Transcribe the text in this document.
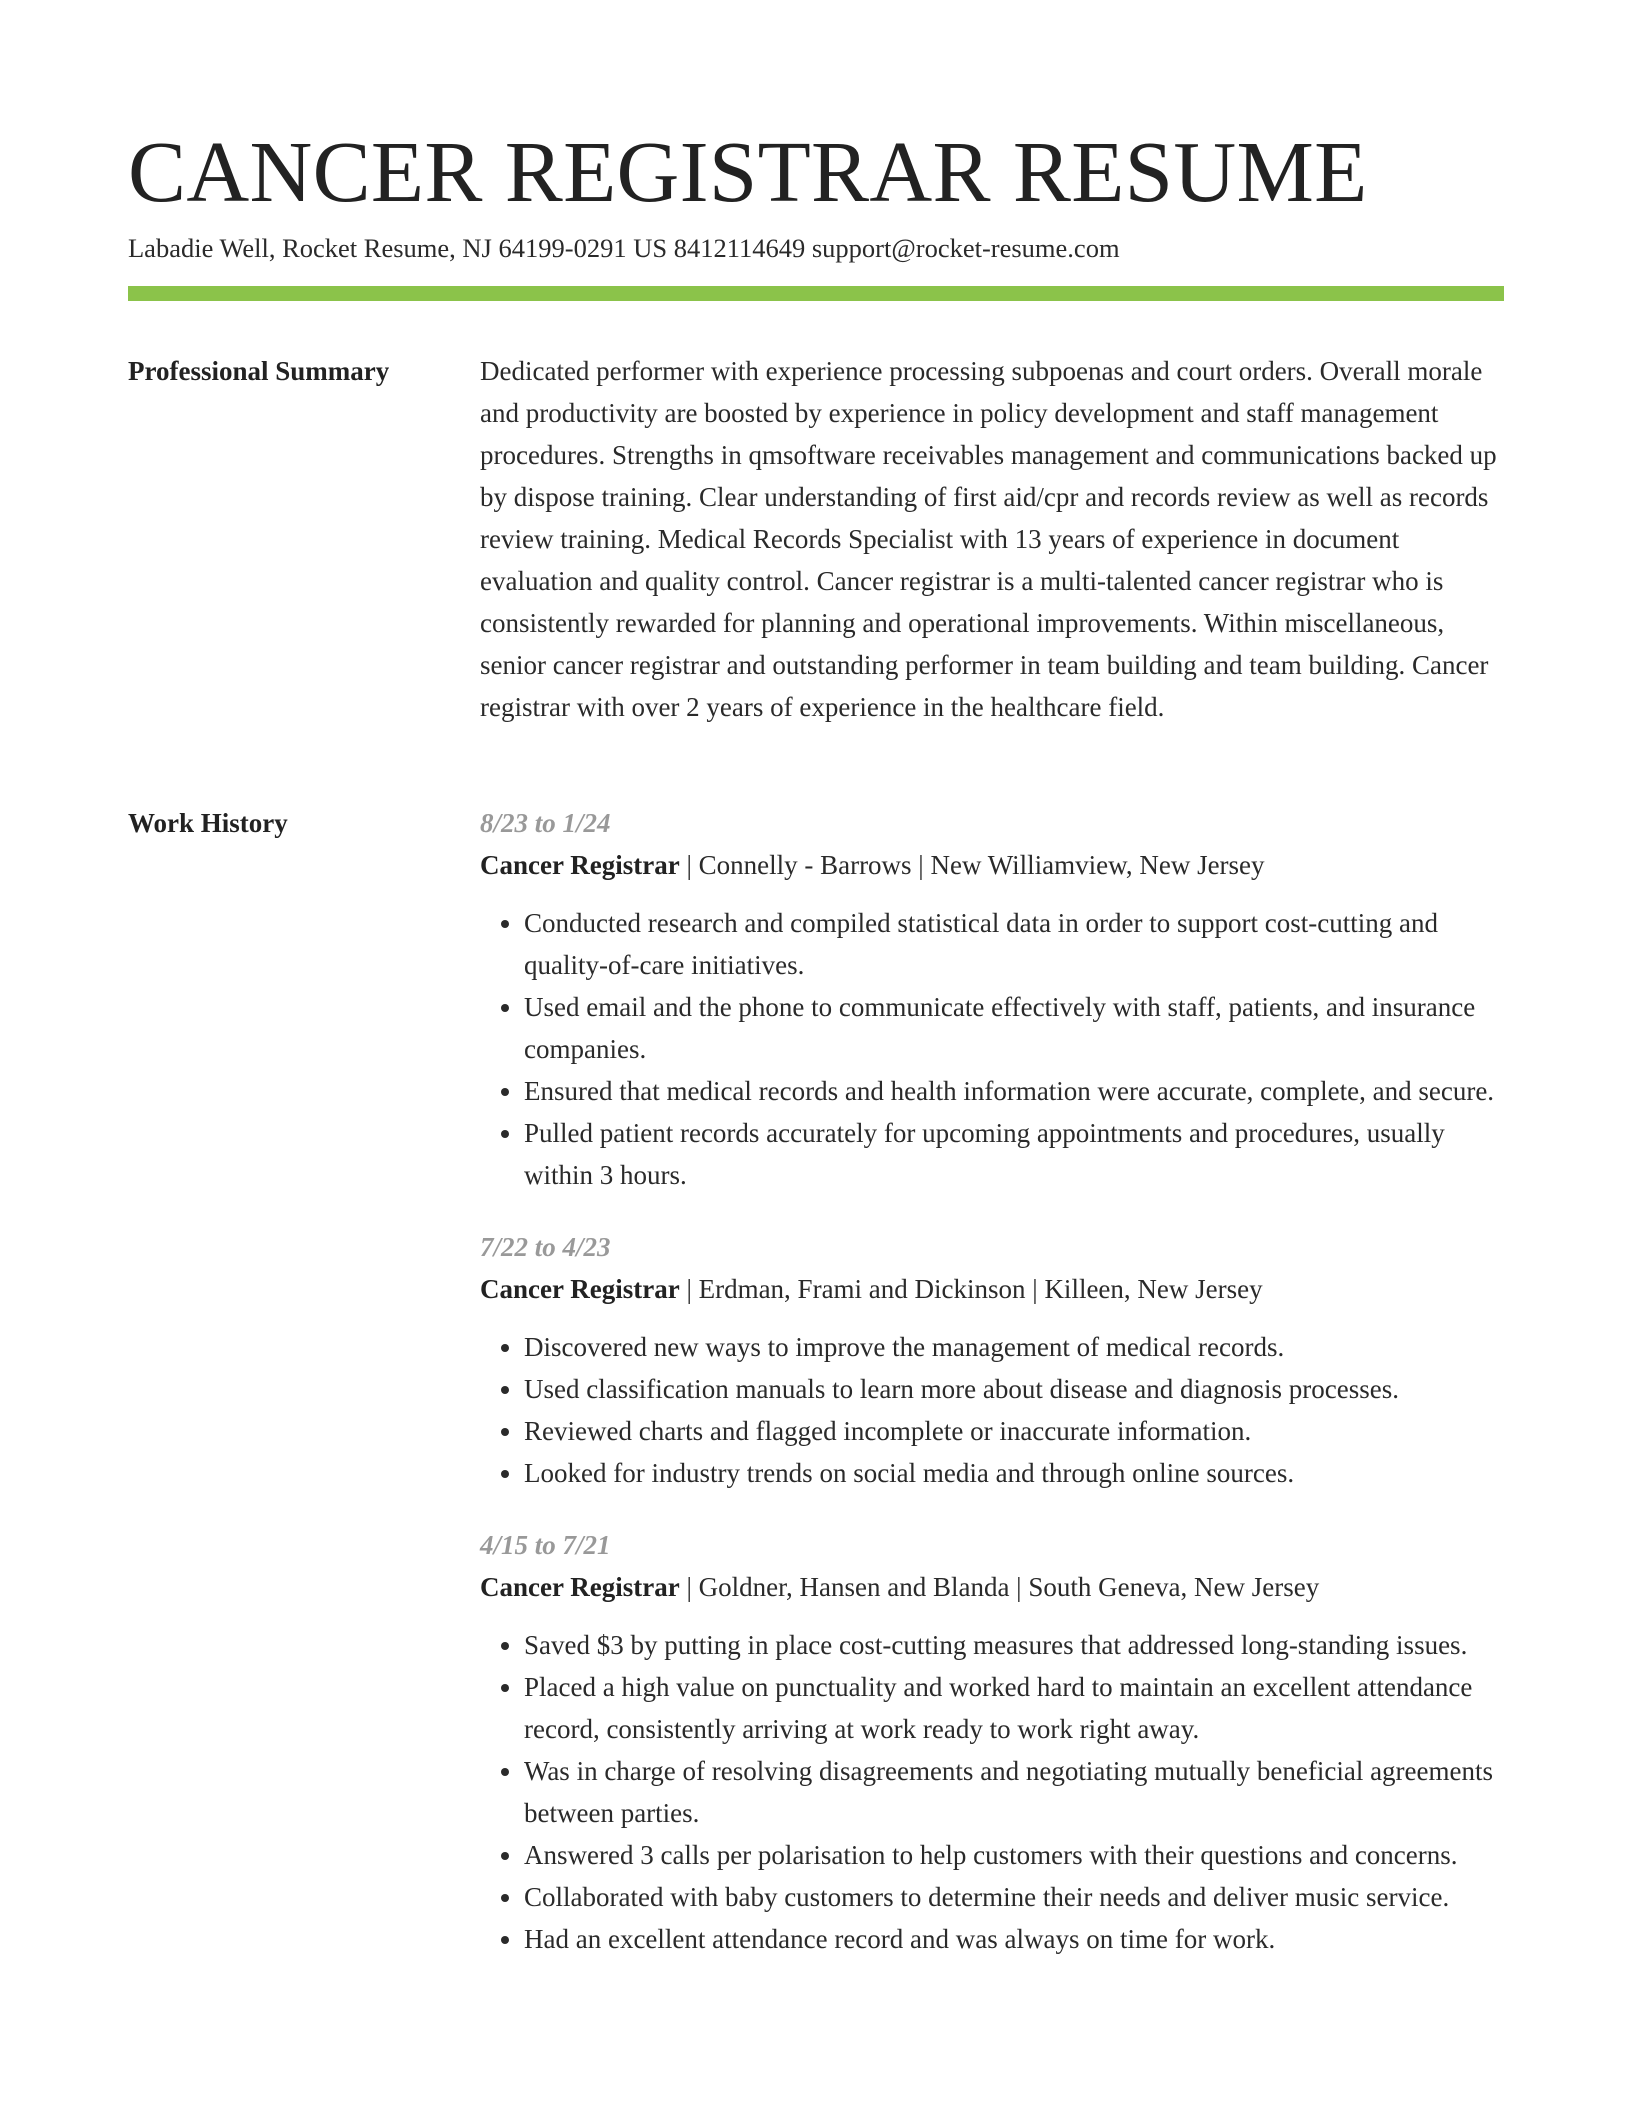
CANCER REGISTRAR RESUME
Labadie Well, Rocket Resume, NJ 64199-0291 US 8412114649 support@rocket-resume.com
Professional Summary	Dedicated performer with experience processing subpoenas and court orders. Overall morale and productivity are boosted by experience in policy development and staff management procedures. Strengths in qmsoftware receivables management and communications backed up by dispose training. Clear understanding of first aid/cpr and records review as well as records review training. Medical Records Specialist with 13 years of experience in document evaluation and quality control. Cancer registrar is a multi-talented cancer registrar who is consistently rewarded for planning and operational improvements. Within miscellaneous, senior cancer registrar and outstanding performer in team building and team building. Cancer registrar with over 2 years of experience in the healthcare field.

Work History	8/23 to 1/24
Cancer Registrar | Connelly - Barrows | New Williamview, New Jersey
• Conducted research and compiled statistical data in order to support cost-cutting and quality-of-care initiatives.
• Used email and the phone to communicate effectively with staff, patients, and insurance companies.
• Ensured that medical records and health information were accurate, complete, and secure.
• Pulled patient records accurately for upcoming appointments and procedures, usually within 3 hours.
7/22 to 4/23
Cancer Registrar | Erdman, Frami and Dickinson | Killeen, New Jersey
• Discovered new ways to improve the management of medical records.
• Used classification manuals to learn more about disease and diagnosis processes.
• Reviewed charts and flagged incomplete or inaccurate information.
• Looked for industry trends on social media and through online sources.
4/15 to 7/21
Cancer Registrar | Goldner, Hansen and Blanda | South Geneva, New Jersey
• Saved $3 by putting in place cost-cutting measures that addressed long-standing issues.
• Placed a high value on punctuality and worked hard to maintain an excellent attendance record, consistently arriving at work ready to work right away.
• Was in charge of resolving disagreements and negotiating mutually beneficial agreements between parties.
• Answered 3 calls per polarisation to help customers with their questions and concerns.
• Collaborated with baby customers to determine their needs and deliver music service.
• Had an excellent attendance record and was always on time for work.
